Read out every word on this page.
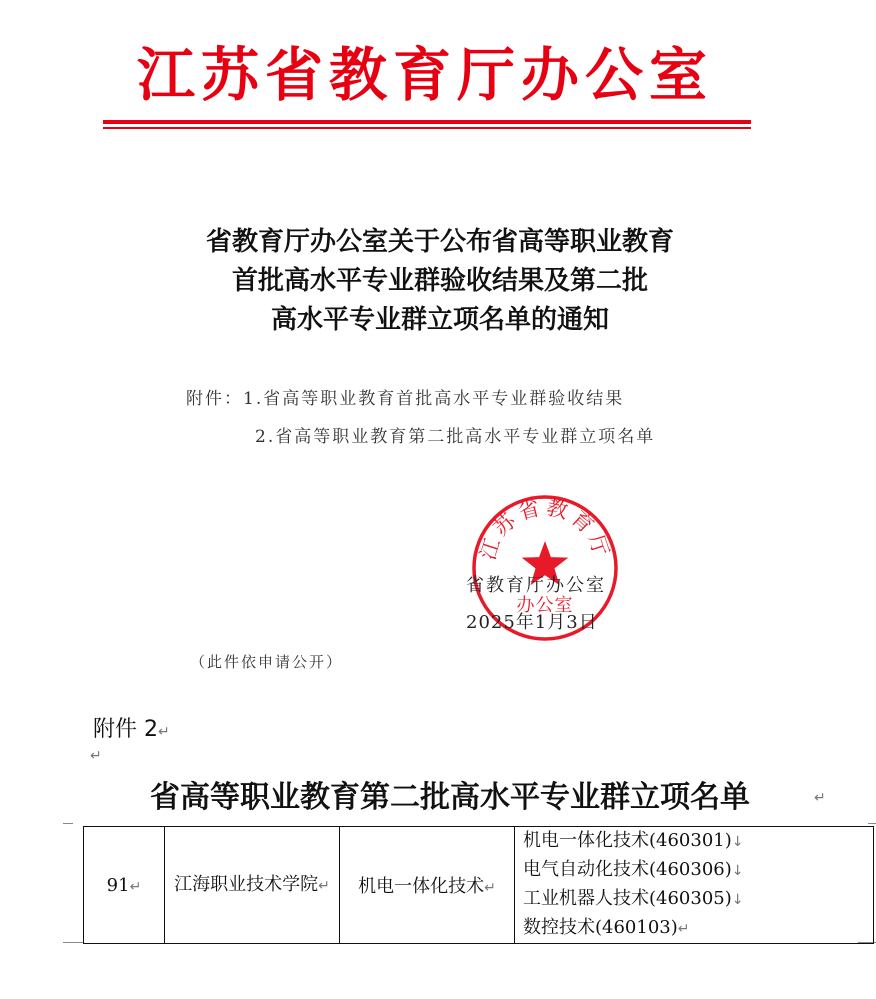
江苏省教育厅办公室
省教育厅办公室关于公布省高等职业教育
首批高水平专业群验收结果及第二批
高水平专业群立项名单的通知
附件：1.省高等职业教育首批高水平专业群验收结果
2.省高等职业教育第二批高水平专业群立项名单
江苏省教育厅
办公室
省教育厅办公室
2025年1月3日
（此件依申请公开）
附件 2↵
↵
省高等职业教育第二批高水平专业群立项名单	↵
91↵	江海职业技术学院↵	机电一体化技术↵	
机电一体化技术(460301)↓
电气自动化技术(460306)↓
工业机器人技术(460305)↓
数控技术(460103)↵
